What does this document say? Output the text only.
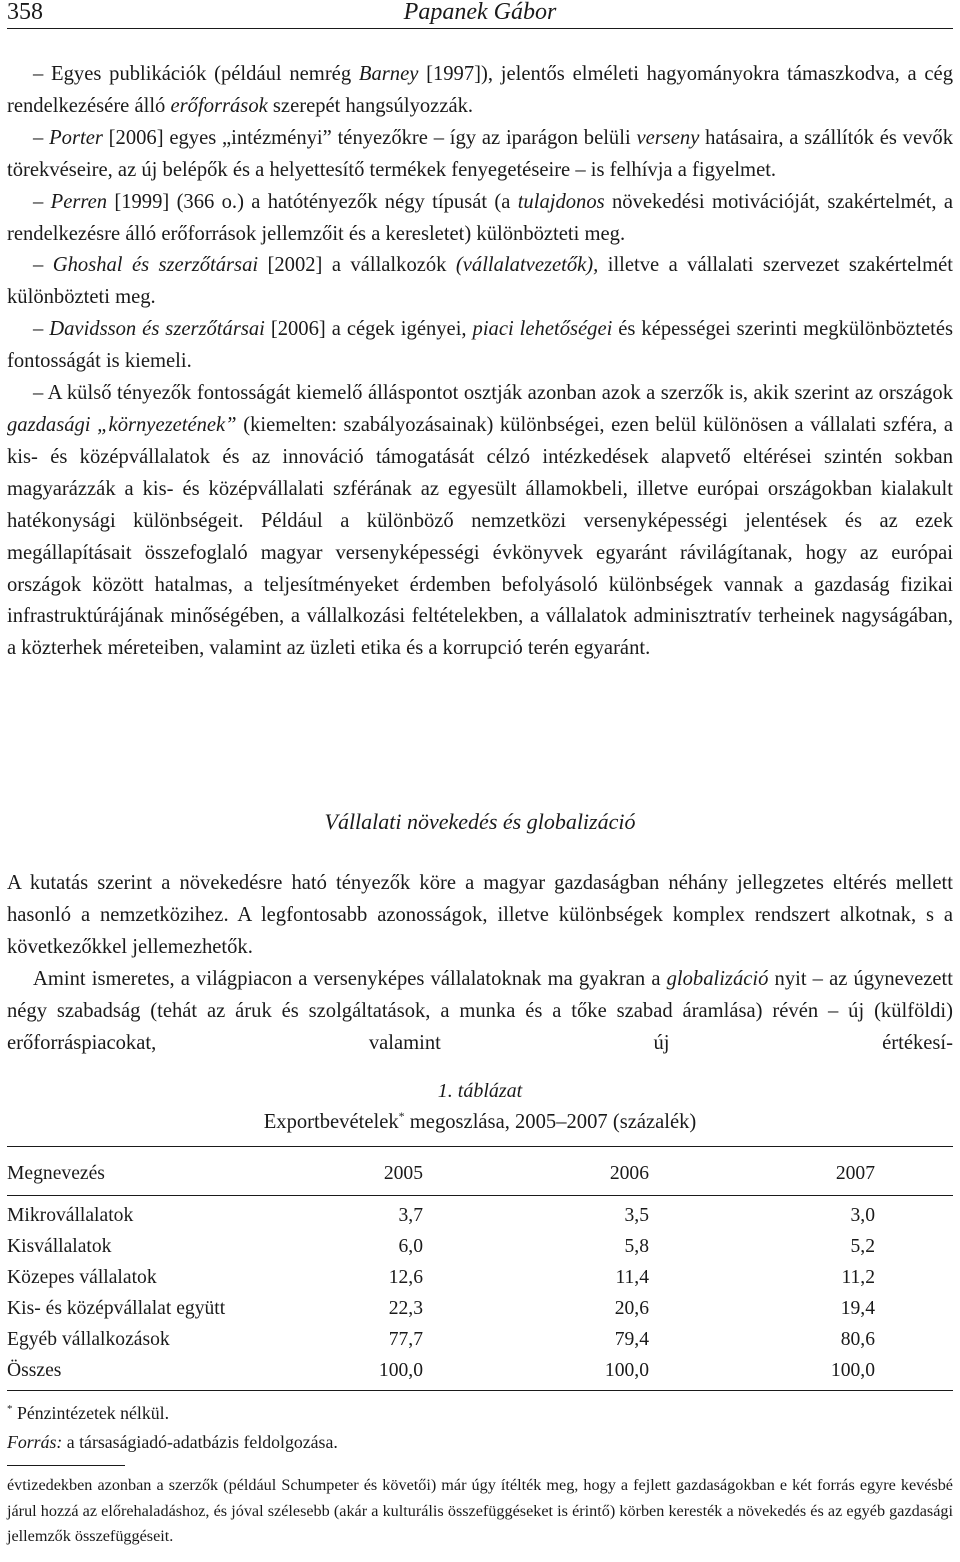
358	Papanek Gábor

– Egyes publikációk (például nemrég Barney [1997]), jelentős elméleti hagyományokra támaszkodva, a cég rendelkezésére álló erőforrások szerepét hangsúlyozzák.

– Porter [2006] egyes „intézményi” tényezőkre – így az iparágon belüli verseny hatásaira, a szállítók és vevők törekvéseire, az új belépők és a helyettesítő termékek fenyegetéseire – is felhívja a figyelmet.

– Perren [1999] (366 o.) a hatótényezők négy típusát (a tulajdonos növekedési motivációját, szakértelmét, a rendelkezésre álló erőforrások jellemzőit és a keresletet) különbözteti meg.

– Ghoshal és szerzőtársai [2002] a vállalkozók (vállalatvezetők), illetve a vállalati szervezet szakértelmét különbözteti meg.

– Davidsson és szerzőtársai [2006] a cégek igényei, piaci lehetőségei és képességei szerinti megkülönböztetés fontosságát is kiemeli.

– A külső tényezők fontosságát kiemelő álláspontot osztják azonban azok a szerzők is, akik szerint az országok gazdasági „környezetének” (kiemelten: szabályozásainak) különbségei, ezen belül különösen a vállalati szféra, a kis- és középvállalatok és az innováció támogatását célzó intézkedések alapvető eltérései szintén sokban magyarázzák a kis- és középvállalati szférának az egyesült államokbeli, illetve európai országokban kialakult hatékonysági különbségeit. Például a különböző nemzetközi versenyképességi jelentések és az ezek megállapításait összefoglaló magyar versenyképességi évkönyvek egyaránt rávilágítanak, hogy az európai országok között hatalmas, a teljesítményeket érdemben befolyásoló különbségek vannak a gazdaság fizikai infrastruktúrájának minőségében, a vállalkozási feltételekben, a vállalatok adminisztratív terheinek nagyságában, a közterhek méreteiben, valamint az üzleti etika és a korrupció terén egyaránt.

Vállalati növekedés és globalizáció

A kutatás szerint a növekedésre ható tényezők köre a magyar gazdaságban néhány jellegzetes eltérés mellett hasonló a nemzetközihez. A legfontosabb azonosságok, illetve különbségek komplex rendszert alkotnak, s a következőkkel jellemezhetők.

Amint ismeretes, a világpiacon a versenyképes vállalatoknak ma gyakran a globalizáció nyit – az úgynevezett négy szabadság (tehát az áruk és szolgáltatások, a munka és a tőke szabad áramlása) révén – új (külföldi) erőforráspiacokat, valamint új értékesí-

1. táblázat
Exportbevételek* megoszlása, 2005–2007 (százalék)
Megnevezés	2005	2006	2007
Mikrovállalatok	3,7	3,5	3,0
Kisvállalatok	6,0	5,8	5,2
Közepes vállalatok	12,6	11,4	11,2
Kis- és középvállalat együtt	22,3	20,6	19,4
Egyéb vállalkozások	77,7	79,4	80,6
Összes	100,0	100,0	100,0
* Pénzintézetek nélkül.
Forrás: a társaságiadó-adatbázis feldolgozása.

évtizedekben azonban a szerzők (például Schumpeter és követői) már úgy ítélték meg, hogy a fejlett gazdaságokban e két forrás egyre kevésbé járul hozzá az előrehaladáshoz, és jóval szélesebb (akár a kulturális összefüggéseket is érintő) körben keresték a növekedés és az egyéb gazdasági jellemzők összefüggéseit.
